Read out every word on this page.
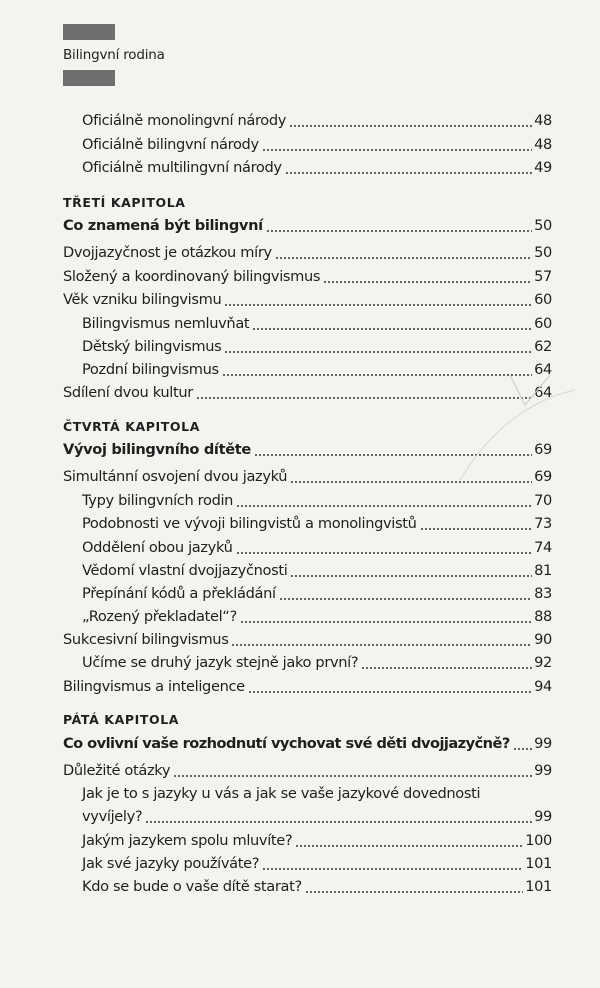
Bilingvní rodina
Oficiálně monolingvní národy	48
Oficiálně bilingvní národy	48
Oficiálně multilingvní národy	49
TŘETÍ KAPITOLA
Co znamená být bilingvní	50
Dvojjazyčnost je otázkou míry	50
Složený a koordinovaný bilingvismus	57
Věk vzniku bilingvismu	60
Bilingvismus nemluvňat	60
Dětský bilingvismus	62
Pozdní bilingvismus	64
Sdílení dvou kultur	64
ČTVRTÁ KAPITOLA
Vývoj bilingvního dítěte	69
Simultánní osvojení dvou jazyků	69
Typy bilingvních rodin	70
Podobnosti ve vývoji bilingvistů a monolingvistů	73
Oddělení obou jazyků	74
Vědomí vlastní dvojjazyčnosti	81
Přepínání kódů a překládání	83
„Rozený překladatel“?	88
Sukcesivní bilingvismus	90
Učíme se druhý jazyk stejně jako první?	92
Bilingvismus a inteligence	94
PÁTÁ KAPITOLA
Co ovlivní vaše rozhodnutí vychovat své děti dvojjazyčně? 99
Důležité otázky	99
Jak je to s jazyky u vás a jak se vaše jazykové dovednosti
vyvíjely?	99
Jakým jazykem spolu mluvíte?	100
Jak své jazyky používáte?	101
Kdo se bude o vaše dítě starat?	101
